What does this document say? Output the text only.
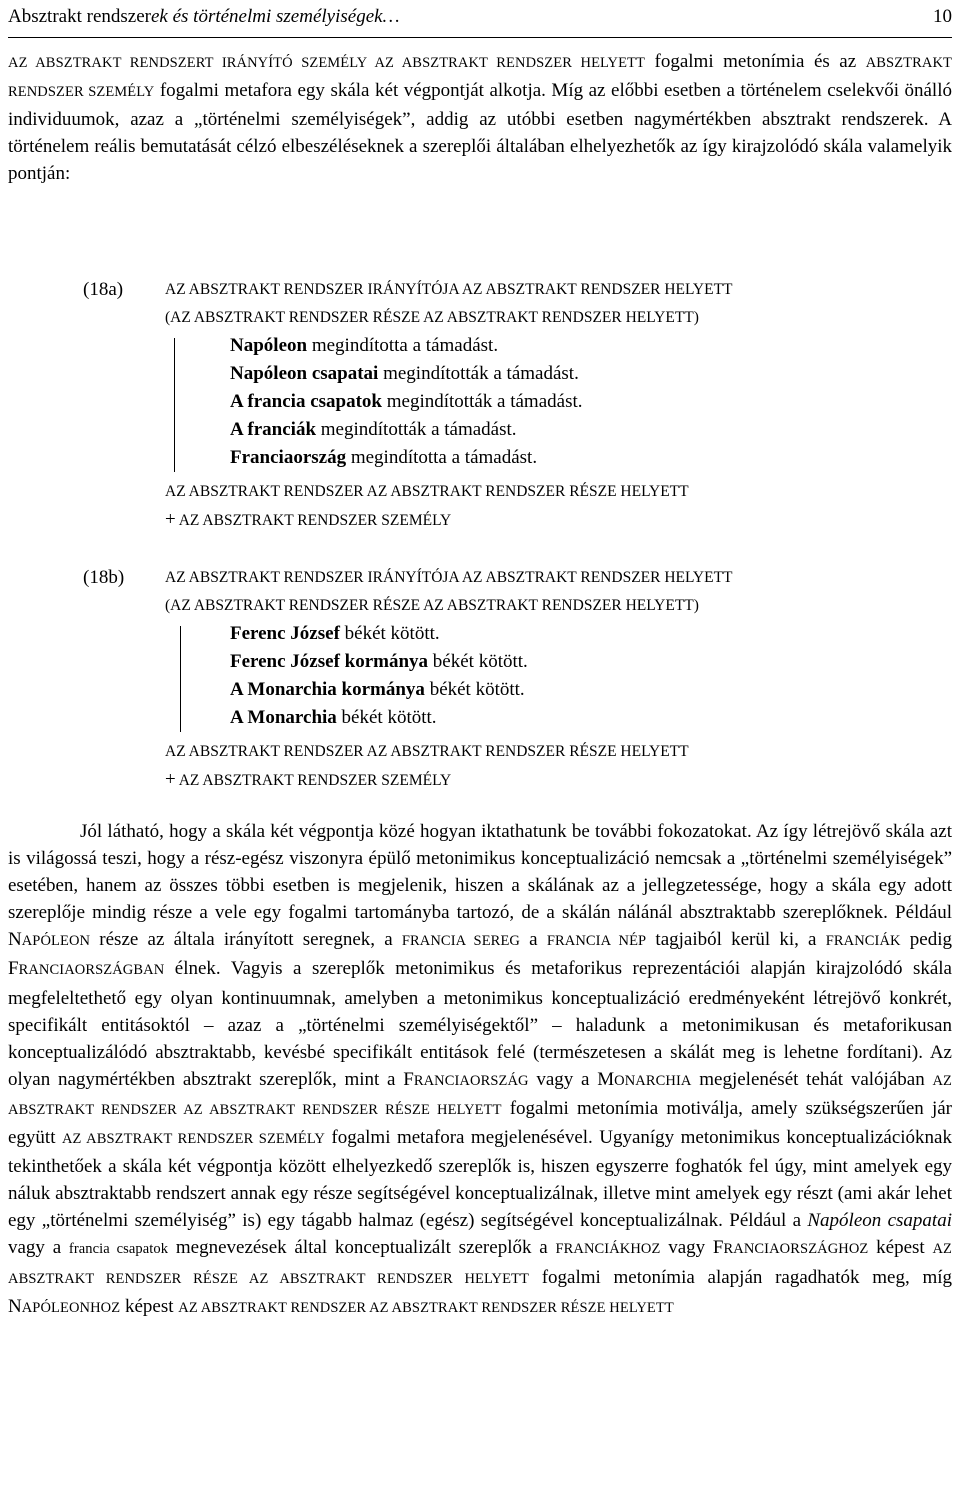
Absztrakt rendszerek és történelmi személyiségek…	10

AZ ABSZTRAKT RENDSZERT IRÁNYÍTÓ SZEMÉLY AZ ABSZTRAKT RENDSZER HELYETT fogalmi metonímia és az ABSZTRAKT RENDSZER SZEMÉLY fogalmi metafora egy skála két végpontját alkotja. Míg az előbbi esetben a történelem cselekvői önálló individuumok, azaz a „történelmi személyiségek”, addig az utóbbi esetben nagymértékben absztrakt rendszerek. A történelem reális bemutatását célzó elbeszéléseknek a szereplői általában elhelyezhetők az így kirajzolódó skála valamelyik pontján:

(18a)	AZ ABSZTRAKT RENDSZER IRÁNYÍTÓJA AZ ABSZTRAKT RENDSZER HELYETT
(AZ ABSZTRAKT RENDSZER RÉSZE AZ ABSZTRAKT RENDSZER HELYETT)
Napóleon megindította a támadást.
Napóleon csapatai megindították a támadást.
A francia csapatok megindították a támadást.
A franciák megindították a támadást.
Franciaország megindította a támadást.
AZ ABSZTRAKT RENDSZER AZ ABSZTRAKT RENDSZER RÉSZE HELYETT
+ AZ ABSZTRAKT RENDSZER SZEMÉLY
(18b)	AZ ABSZTRAKT RENDSZER IRÁNYÍTÓJA AZ ABSZTRAKT RENDSZER HELYETT
(AZ ABSZTRAKT RENDSZER RÉSZE AZ ABSZTRAKT RENDSZER HELYETT)
Ferenc József békét kötött.
Ferenc József kormánya békét kötött.
A Monarchia kormánya békét kötött.
A Monarchia békét kötött.
AZ ABSZTRAKT RENDSZER AZ ABSZTRAKT RENDSZER RÉSZE HELYETT
+ AZ ABSZTRAKT RENDSZER SZEMÉLY

Jól látható, hogy a skála két végpontja közé hogyan iktathatunk be további fokozatokat. Az így létrejövő skála azt is világossá teszi, hogy a rész-egész viszonyra épülő metonimikus konceptualizáció nemcsak a „történelmi személyiségek” esetében, hanem az összes többi esetben is megjelenik, hiszen a skálának az a jellegzetessége, hogy a skála egy adott szereplője mindig része a vele egy fogalmi tartományba tartozó, de a skálán nálánál absztraktabb szereplőknek. Például NAPÓLEON része az általa irányított seregnek, a FRANCIA SEREG a FRANCIA NÉP tagjaiból kerül ki, a FRANCIÁK pedig FRANCIAORSZÁGBAN élnek. Vagyis a szereplők metonimikus és metaforikus reprezentációi alapján kirajzolódó skála megfeleltethető egy olyan kontinuumnak, amelyben a metonimikus konceptualizáció eredményeként létrejövő konkrét, specifikált entitásoktól – azaz a „történelmi személyiségektől” – haladunk a metonimikusan és metaforikusan konceptualizálódó absztraktabb, kevésbé specifikált entitások felé (természetesen a skálát meg is lehetne fordítani). Az olyan nagymértékben absztrakt szereplők, mint a FRANCIAORSZÁG vagy a MONARCHIA megjelenését tehát valójában AZ ABSZTRAKT RENDSZER AZ ABSZTRAKT RENDSZER RÉSZE HELYETT fogalmi metonímia motiválja, amely szükségszerűen jár együtt AZ ABSZTRAKT RENDSZER SZEMÉLY fogalmi metafora megjelenésével. Ugyanígy metonimikus konceptualizációknak tekinthetőek a skála két végpontja között elhelyezkedő szereplők is, hiszen egyszerre foghatók fel úgy, mint amelyek egy náluk absztraktabb rendszert annak egy része segítségével konceptualizálnak, illetve mint amelyek egy részt (ami akár lehet egy „történelmi személyiség” is) egy tágabb halmaz (egész) segítségével konceptualizálnak. Például a Napóleon csapatai vagy a francia csapatok megnevezések által konceptualizált szereplők a FRANCIÁKHOZ vagy FRANCIAORSZÁGHOZ képest AZ ABSZTRAKT RENDSZER RÉSZE AZ ABSZTRAKT RENDSZER HELYETT fogalmi metonímia alapján ragadhatók meg, míg NAPÓLEONHOZ képest AZ ABSZTRAKT RENDSZER AZ ABSZTRAKT RENDSZER RÉSZE HELYETT
